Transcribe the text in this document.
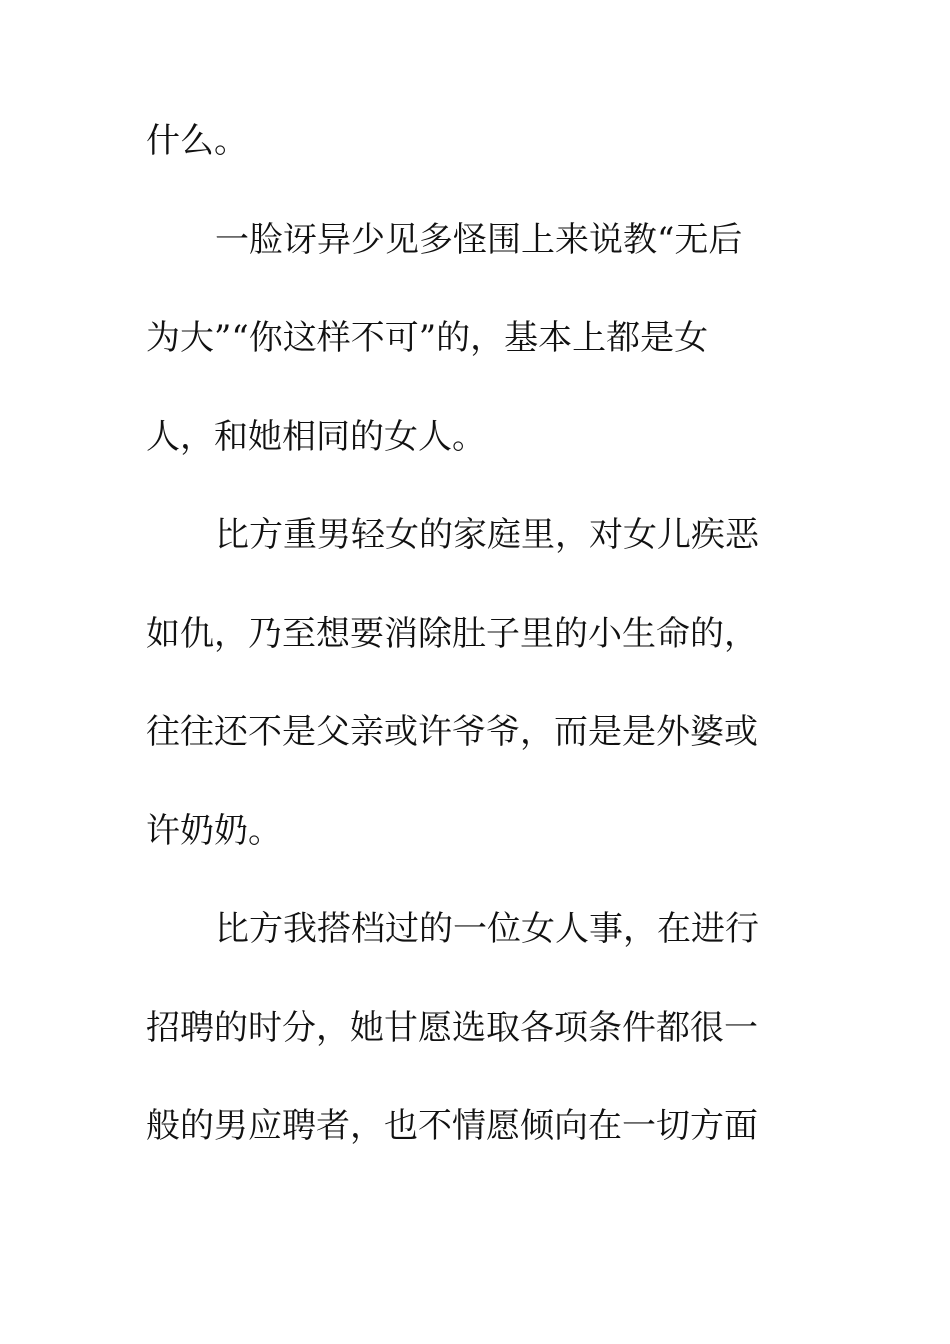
什么。
一脸讶异少见多怪围上来说教“无后
为大”“你这样不可”的，基本上都是女
人，和她相同的女人。
比方重男轻女的家庭里，对女儿疾恶
如仇，乃至想要消除肚子里的小生命的，
往往还不是父亲或许爷爷，而是是外婆或
许奶奶。
比方我搭档过的一位女人事，在进行
招聘的时分，她甘愿选取各项条件都很一
般的男应聘者，也不情愿倾向在一切方面
